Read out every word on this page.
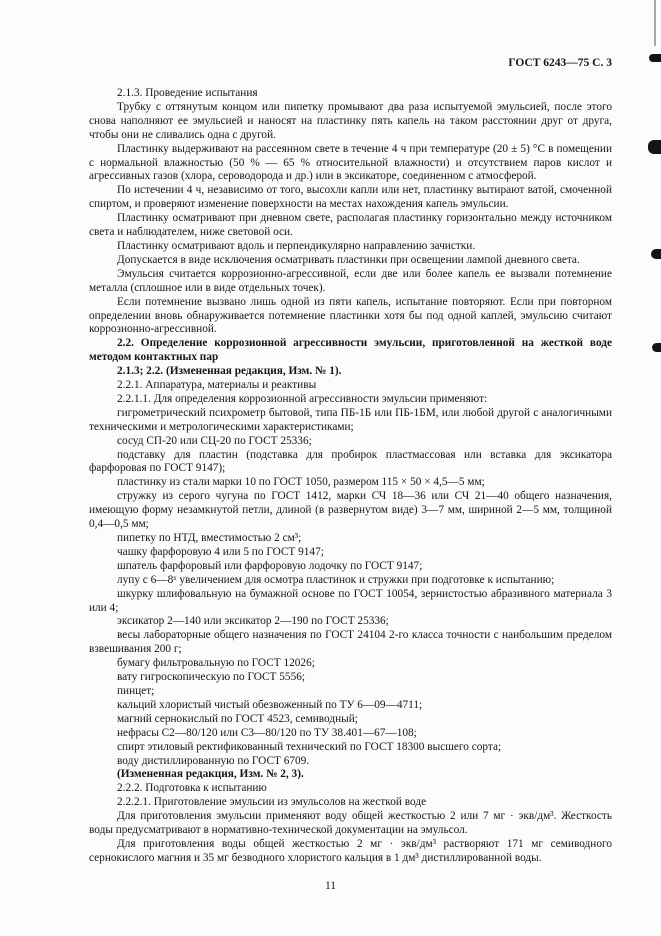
ГОСТ 6243—75 С. 3

2.1.3. Проведение испытания

Трубку с оттянутым концом или пипетку промывают два раза испытуемой эмульсией, после этого снова наполняют ее эмульсией и наносят на пластинку пять капель на таком расстоянии друг от друга, чтобы они не сливались одна с другой.

Пластинку выдерживают на рассеянном свете в течение 4 ч при температуре (20 ± 5) °С в помещении с нормальной влажностью (50 % — 65 % относительной влажности) и отсутствием паров кислот и агрессивных газов (хлора, сероводорода и др.) или в эксикаторе, соединенном с атмосферой.

По истечении 4 ч, независимо от того, высохли капли или нет, пластинку вытирают ватой, смоченной спиртом, и проверяют изменение поверхности на местах нахождения капель эмульсии.

Пластинку осматривают при дневном свете, располагая пластинку горизонтально между источником света и наблюдателем, ниже световой оси.

Пластинку осматривают вдоль и перпендикулярно направлению зачистки.

Допускается в виде исключения осматривать пластинки при освещении лампой дневного света.

Эмульсия считается коррозионно-агрессивной, если две или более капель ее вызвали потемнение металла (сплошное или в виде отдельных точек).

Если потемнение вызвано лишь одной из пяти капель, испытание повторяют. Если при повторном определении вновь обнаруживается потемнение пластинки хотя бы под одной каплей, эмульсию считают коррозионно-агрессивной.

2.2. Определение коррозионной агрессивности эмульсии, приготовленной на жесткой воде методом контактных пар

2.1.3; 2.2. (Измененная редакция, Изм. № 1).

2.2.1. Аппаратура, материалы и реактивы

2.2.1.1. Для определения коррозионной агрессивности эмульсии применяют:

гигрометрический психрометр бытовой, типа ПБ-1Б или ПБ-1БМ, или любой другой с аналогичными техническими и метрологическими характеристиками;

сосуд СП-20 или СЦ-20 по ГОСТ 25336;

подставку для пластин (подставка для пробирок пластмассовая или вставка для эксикатора фарфоровая по ГОСТ 9147);

пластинку из стали марки 10 по ГОСТ 1050, размером 115 × 50 × 4,5—5 мм;

стружку из серого чугуна по ГОСТ 1412, марки СЧ 18—36 или СЧ 21—40 общего назначения, имеющую форму незамкнутой петли, длиной (в развернутом виде) 3—7 мм, шириной 2—5 мм, толщиной 0,4—0,5 мм;

пипетку по НТД, вместимостью 2 см³;

чашку фарфоровую 4 или 5 по ГОСТ 9147;

шпатель фарфоровый или фарфоровую лодочку по ГОСТ 9147;

лупу с 6—8ˣ увеличением для осмотра пластинок и стружки при подготовке к испытанию;

шкурку шлифовальную на бумажной основе по ГОСТ 10054, зернистостью абразивного материала 3 или 4;

эксикатор 2—140 или эксикатор 2—190 по ГОСТ 25336;

весы лабораторные общего назначения по ГОСТ 24104 2-го класса точности с наибольшим пределом взвешивания 200 г;

бумагу фильтровальную по ГОСТ 12026;

вату гигроскопическую по ГОСТ 5556;

пинцет;

кальций хлористый чистый обезвоженный по ТУ 6—09—4711;

магний сернокислый по ГОСТ 4523, семиводный;

нефрасы С2—80/120 или С3—80/120 по ТУ 38.401—67—108;

спирт этиловый ректификованный технический по ГОСТ 18300 высшего сорта;

воду дистиллированную по ГОСТ 6709.

(Измененная редакция, Изм. № 2, 3).

2.2.2. Подготовка к испытанию

2.2.2.1. Приготовление эмульсии из эмульсолов на жесткой воде

Для приготовления эмульсии применяют воду общей жесткостью 2 или 7 мг · экв/дм³. Жесткость воды предусматривают в нормативно-технической документации на эмульсол.

Для приготовления воды общей жесткостью 2 мг · экв/дм³ растворяют 171 мг семиводного сернокислого магния и 35 мг безводного хлористого кальция в 1 дм³ дистиллированной воды.

11
